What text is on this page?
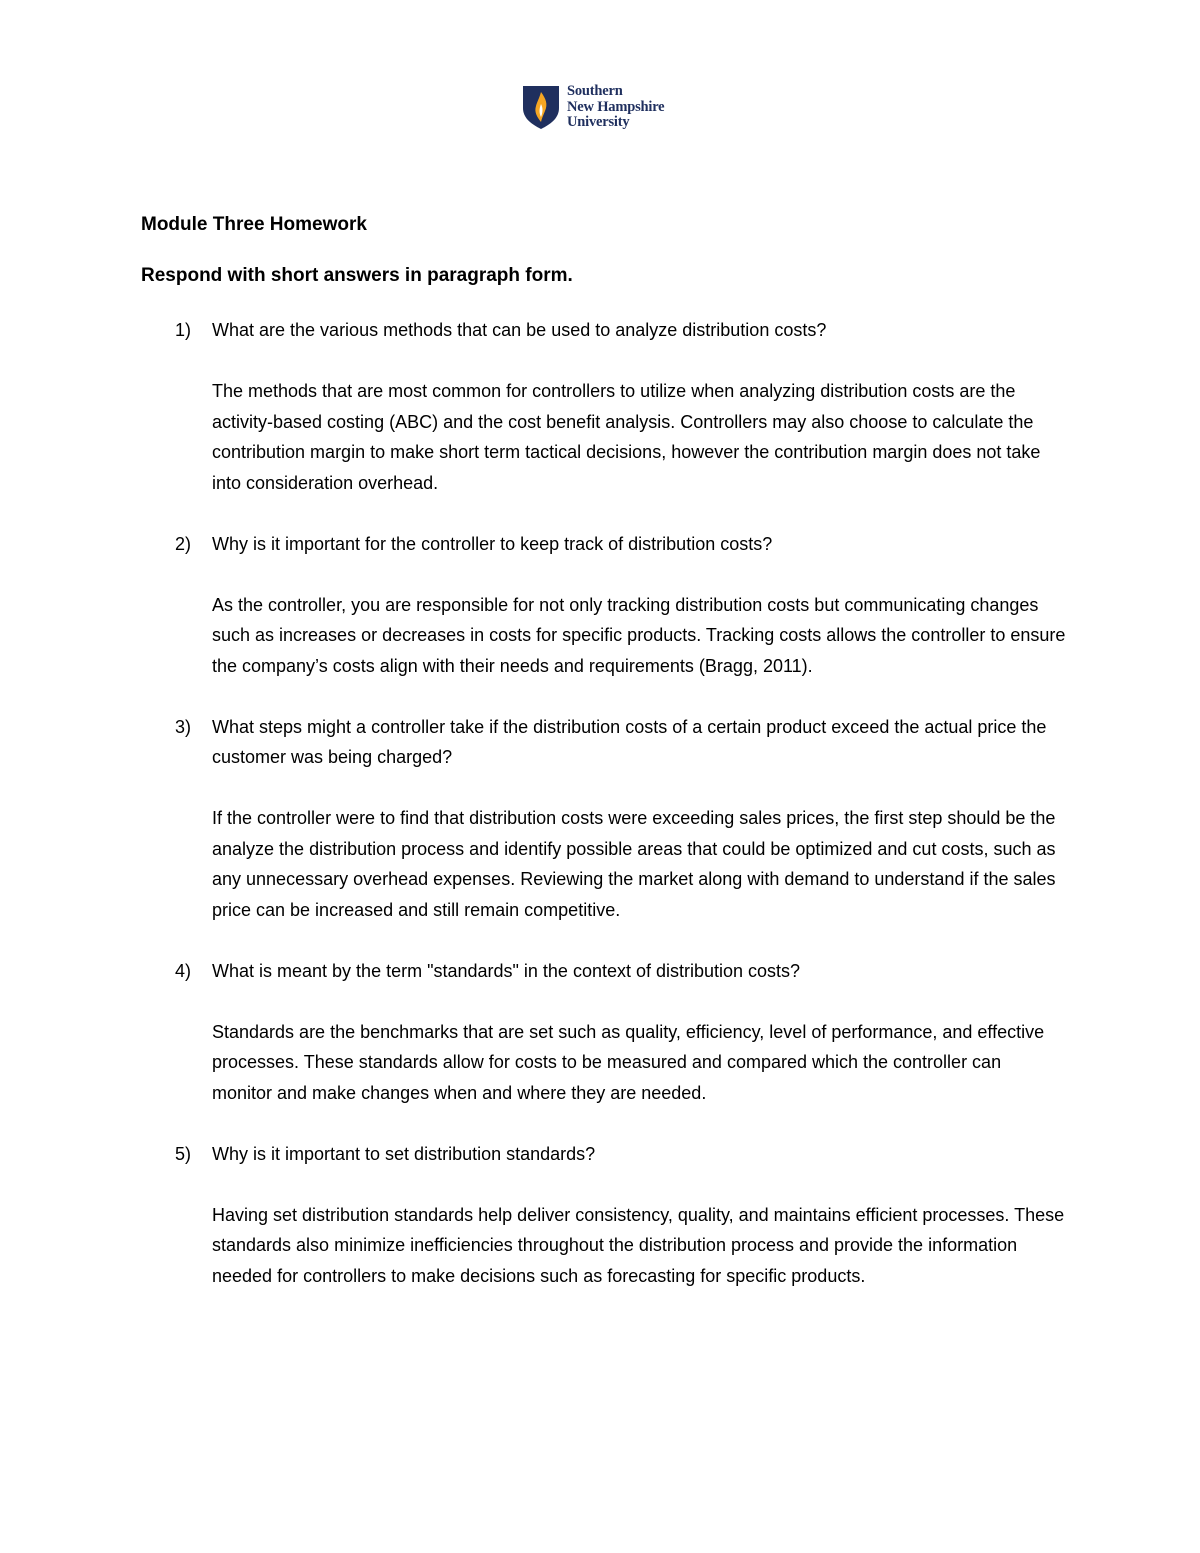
Southern
New Hampshire
University
Module Three Homework

Respond with short answers in paragraph form.

1) What are the various methods that can be used to analyze distribution costs?

The methods that are most common for controllers to utilize when analyzing distribution costs are the activity-based costing (ABC) and the cost benefit analysis. Controllers may also choose to calculate the contribution margin to make short term tactical decisions, however the contribution margin does not take into consideration overhead.

2) Why is it important for the controller to keep track of distribution costs?

As the controller, you are responsible for not only tracking distribution costs but communicating changes such as increases or decreases in costs for specific products. Tracking costs allows the controller to ensure the company’s costs align with their needs and requirements (Bragg, 2011).

3) What steps might a controller take if the distribution costs of a certain product exceed the actual price the customer was being charged?

If the controller were to find that distribution costs were exceeding sales prices, the first step should be the analyze the distribution process and identify possible areas that could be optimized and cut costs, such as any unnecessary overhead expenses. Reviewing the market along with demand to understand if the sales price can be increased and still remain competitive.

4) What is meant by the term "standards" in the context of distribution costs?

Standards are the benchmarks that are set such as quality, efficiency, level of performance, and effective processes. These standards allow for costs to be measured and compared which the controller can monitor and make changes when and where they are needed.

5) Why is it important to set distribution standards?

Having set distribution standards help deliver consistency, quality, and maintains efficient processes. These standards also minimize inefficiencies throughout the distribution process and provide the information needed for controllers to make decisions such as forecasting for specific products.
